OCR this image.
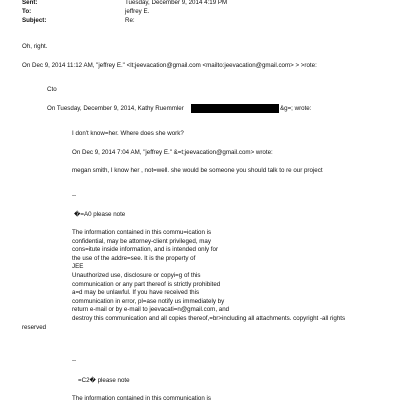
Sent:	Tuesday, December 9, 2014 4:19 PM
To:	jeffrey E.
Subject:	Re:
Oh, right.
On Dec 9, 2014 11:12 AM, "jeffrey E." <lt;jeevacation@gmail.com <mailto:jeevacation@gmail.com> > >rote:
Cto
On Tuesday, December 9, 2014, Kathy Ruemmler	&g=; wrote:
I don't know=her. Where does she work?
On Dec 9, 2014 7:04 AM, "jeffrey E." &=t;jeevacation@gmail.com> wrote:
megan smith, I know her , not=well. she would be someone you should talk to re our project
--
�=A0 please note
The information contained in this commu=ication is
confidential, may be attorney-client privileged, may
cons=itute inside information, and is intended only for
the use of the addre=see. It is the property of
JEE
Unauthorized use, disclosure or copyi=g of this
communication or any part thereof is strictly prohibited
a=d may be unlawful. If you have received this
communication in error, pl=ase notify us immediately by
return e-mail or by e-mail to jeevacati=n@gmail.com, and
destroy this communication and all copies thereof,=br>including all attachments. copyright -all rights
reserved
--
=C2� please note
The information contained in this communication is
